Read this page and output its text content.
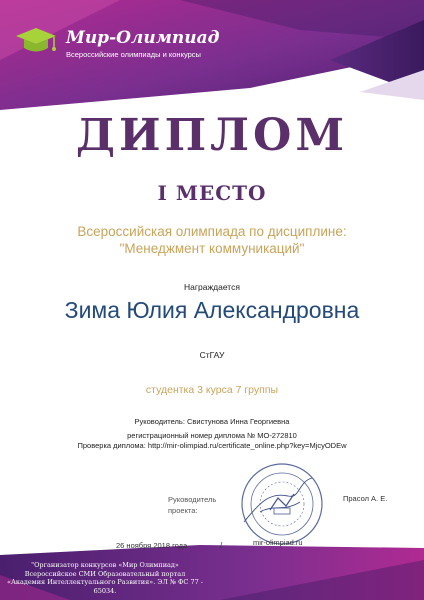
Мир-Олимпиад
Всероссийские олимпиады и конкурсы
ДИПЛОМ
I МЕСТО
Всероссийская олимпиада по дисциплине:
"Менеджмент коммуникаций"
Награждается
Зима Юлия Александровна
СтГАУ
студентка 3 курса 7 группы
Руководитель: Свистунова Инна Георгиевна
регистрационный номер диплома № МО-272810
Проверка диплома: http://mir-olimpiad.ru/certificate_online.php?key=MjcyODEw
Руководитель
проекта:
Прасол А. Е.
mir-olimpiad.ru
26 ноября 2018 года	/
"Организатор конкурсов «Мир Олимпиад»
Всероссийское СМИ Образовательный портал
«Академия Интеллектуального Развития». ЭЛ № ФС 77 - 65034.
